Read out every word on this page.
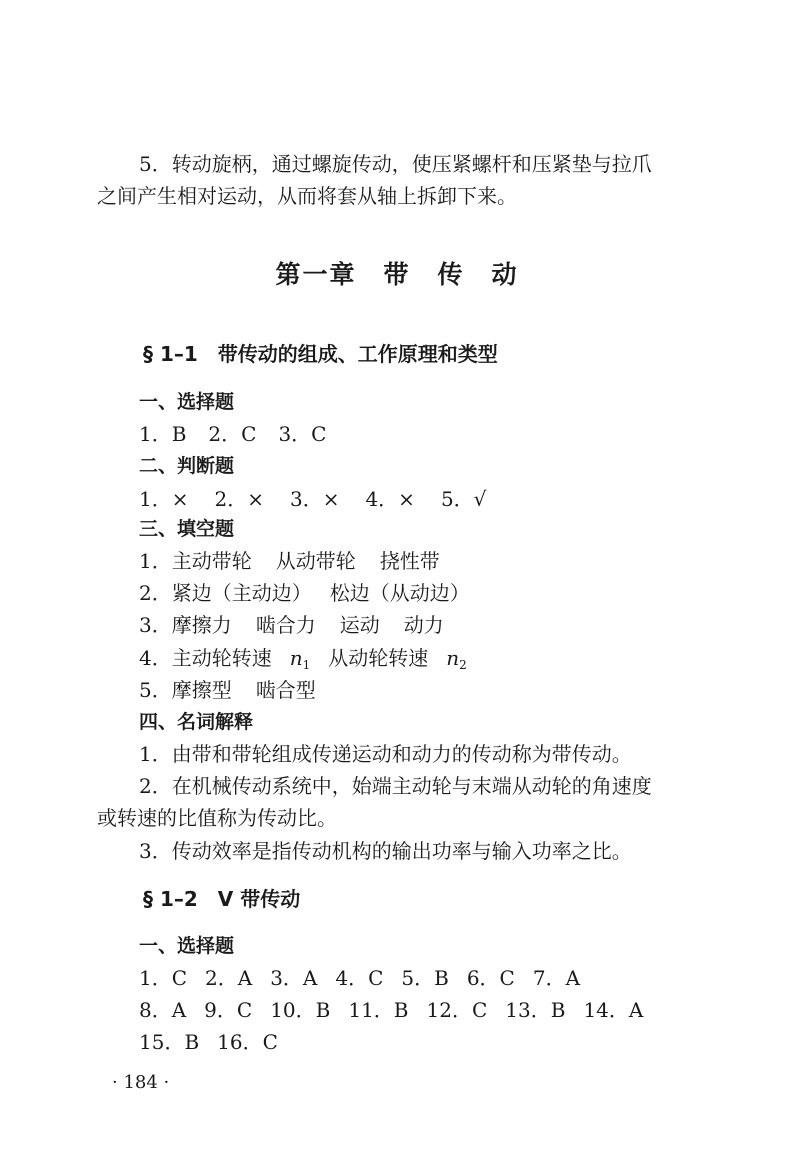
5．转动旋柄，通过螺旋传动，使压紧螺杆和压紧垫与拉爪
之间产生相对运动，从而将套从轴上拆卸下来。
第一章　带　传　动
§ 1–1　带传动的组成、工作原理和类型
一、选择题
1．B 2．C 3．C
二、判断题
1．× 2．× 3．× 4．× 5．√
三、填空题
1．主动带轮 从动带轮 挠性带
2．紧边（主动边） 松边（从动边）
3．摩擦力 啮合力 运动 动力
4．主动轮转速$n_1$ 从动轮转速$n_2$
5．摩擦型 啮合型
四、名词解释
1．由带和带轮组成传递运动和动力的传动称为带传动。
2．在机械传动系统中，始端主动轮与末端从动轮的角速度
或转速的比值称为传动比。
3．传动效率是指传动机构的输出功率与输入功率之比。
§ 1–2　V 带传动
一、选择题
1．C 2．A 3．A 4．C 5．B 6．C 7．A
8．A 9．C 10．B 11．B 12．C 13．B 14．A
15．B 16．C
· 184 ·
